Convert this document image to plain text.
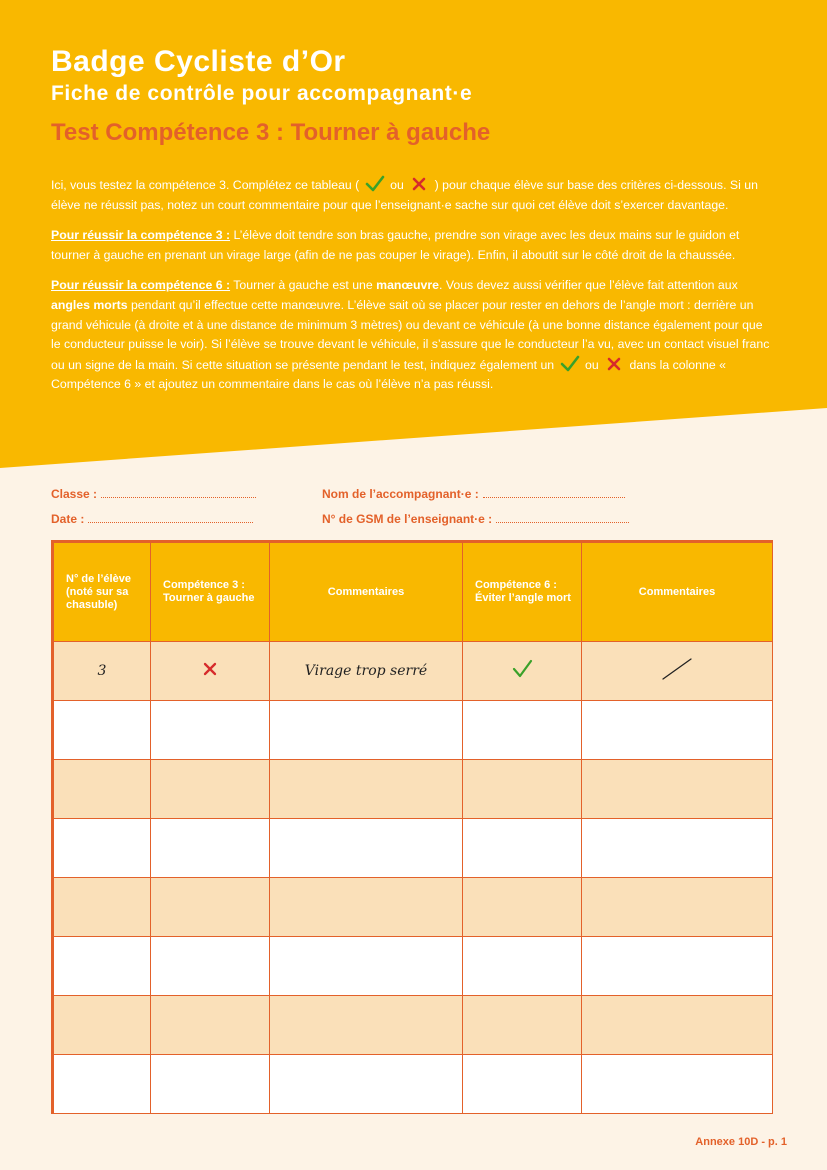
Badge Cycliste d’Or
Fiche de contrôle pour accompagnant·e
Test Compétence 3 : Tourner à gauche

Ici, vous testez la compétence 3. Complétez ce tableau (	ou	) pour chaque élève sur base des critères ci-dessous. Si un élève ne réussit pas, notez un court commentaire pour que l’enseignant·e sache sur quoi cet élève doit s’exercer davantage.

Pour réussir la compétence 3 : L’élève doit tendre son bras gauche, prendre son virage avec les deux mains sur le guidon et tourner à gauche en prenant un virage large (afin de ne pas couper le virage). Enfin, il aboutit sur le côté droit de la chaussée.

Pour réussir la compétence 6 : Tourner à gauche est une manœuvre. Vous devez aussi vérifier que l’élève fait attention aux angles morts pendant qu’il effectue cette manœuvre. L’élève sait où se placer pour rester en dehors de l’angle mort : derrière un grand véhicule (à droite et à une distance de minimum 3 mètres) ou devant ce véhicule (à une bonne distance également pour que le conducteur puisse le voir). Si l’élève se trouve devant le véhicule, il s’assure que le conducteur l’a vu, avec un contact visuel franc ou un signe de la main. Si cette situation se présente pendant le test, indiquez également un	ou	dans la colonne « Compétence 6 » et ajoutez un commentaire dans le cas où l’élève n’a pas réussi.

Classe :
Date :
Nom de l’accompagnant·e :
N° de GSM de l’enseignant·e :
N° de l’élève (noté sur sa chasuble)	Compétence 3 : Tourner à gauche	Commentaires	Compétence 6 : Éviter l’angle mort	Commentaires
3		Virage trop serré		

Annexe 10D - p. 1
